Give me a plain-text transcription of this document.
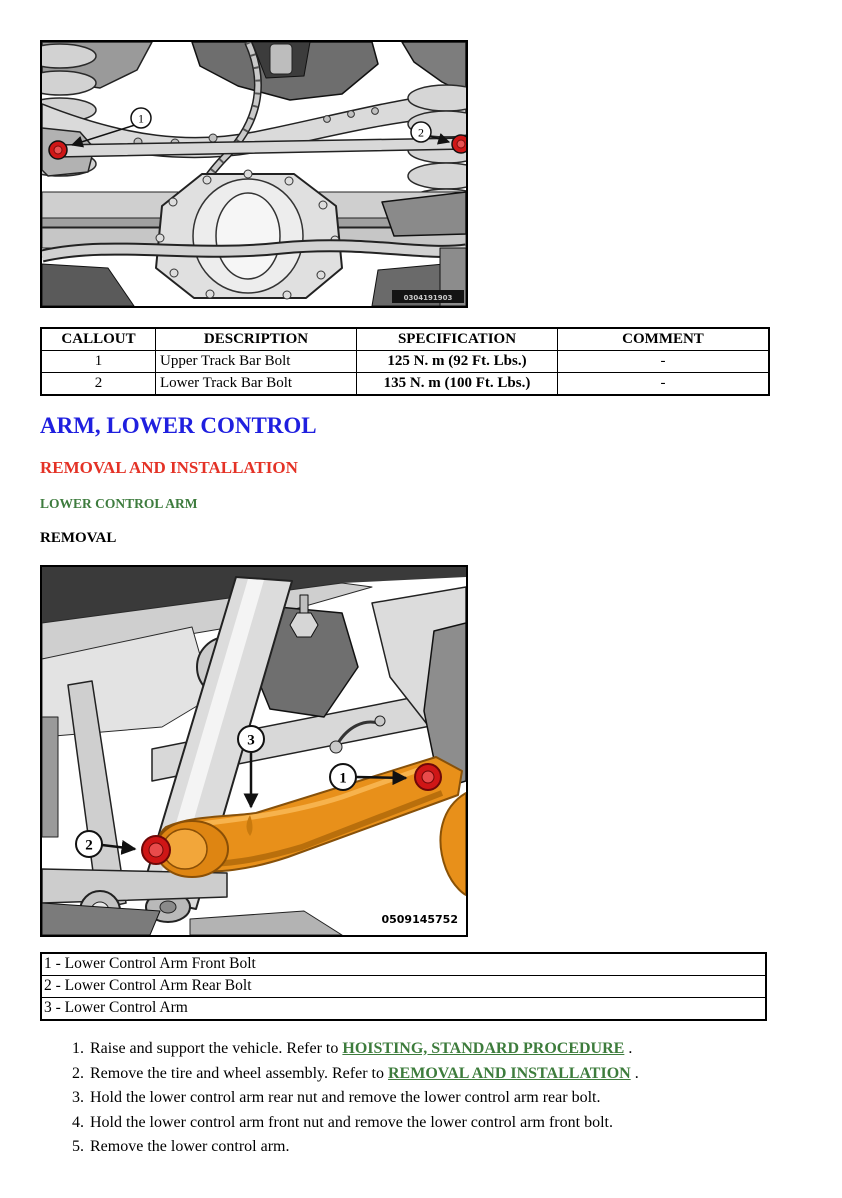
1
2
0304191903
CALLOUT	DESCRIPTION	SPECIFICATION	COMMENT
1	Upper Track Bar Bolt	125 N. m (92 Ft. Lbs.)	-
2	Lower Track Bar Bolt	135 N. m (100 Ft. Lbs.)	-
ARM, LOWER CONTROL
REMOVAL AND INSTALLATION
LOWER CONTROL ARM
REMOVAL
3
1
2
0509145752
1 - Lower Control Arm Front Bolt
2 - Lower Control Arm Rear Bolt
3 - Lower Control Arm
1. Raise and support the vehicle. Refer to HOISTING, STANDARD PROCEDURE .
2. Remove the tire and wheel assembly. Refer to REMOVAL AND INSTALLATION .
3. Hold the lower control arm rear nut and remove the lower control arm rear bolt.
4. Hold the lower control arm front nut and remove the lower control arm front bolt.
5. Remove the lower control arm.
